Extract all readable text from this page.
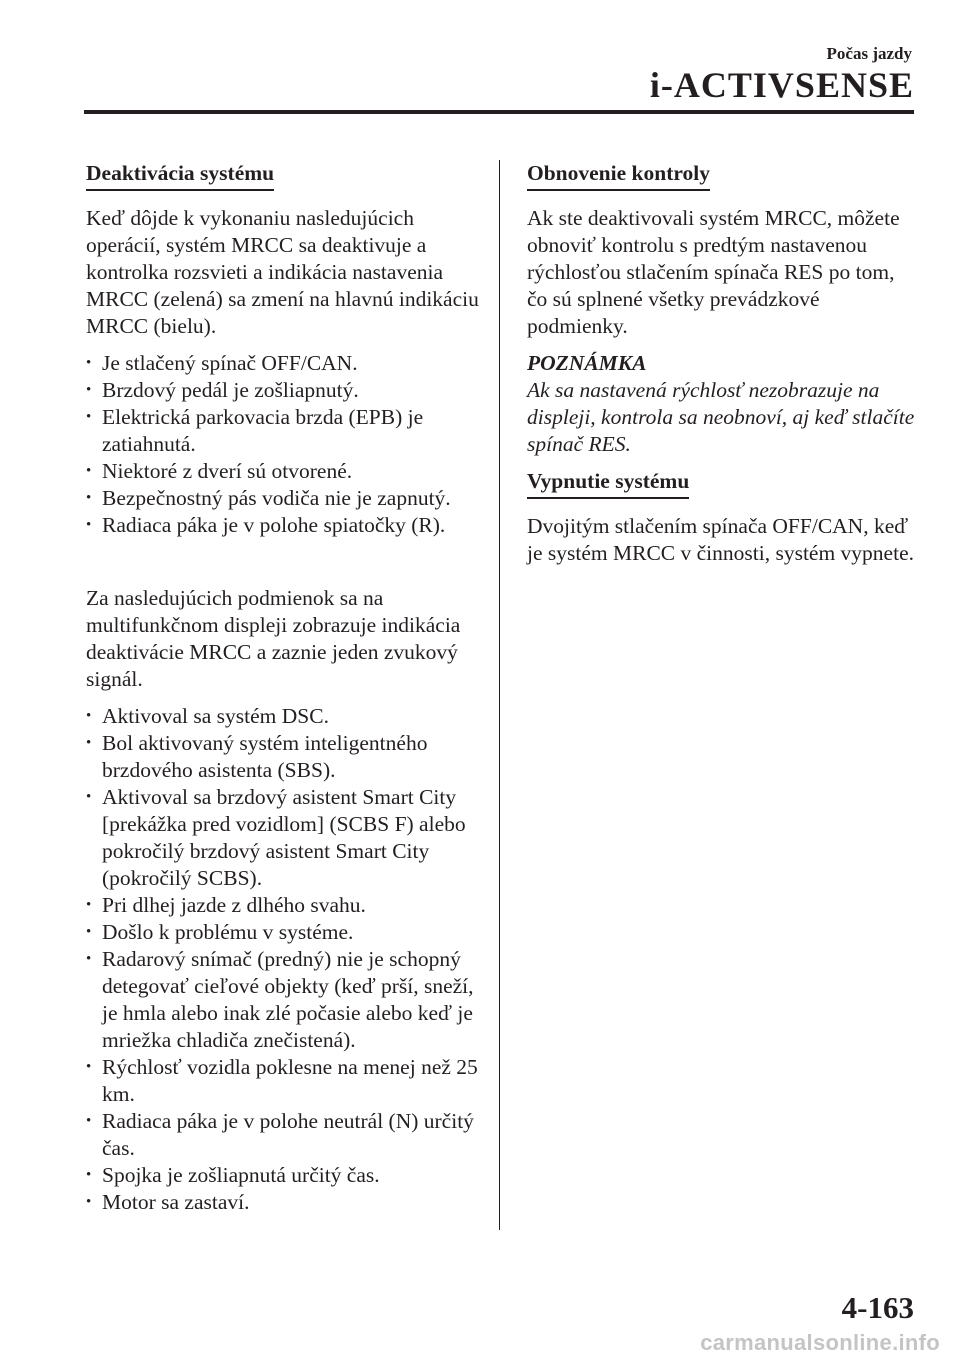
Počas jazdy
i-ACTIVSENSE
Deaktivácia systému

Keď dôjde k vykonaniu nasledujúcich operácií, systém MRCC sa deaktivuje a kontrolka rozsvieti a indikácia nastavenia MRCC (zelená) sa zmení na hlavnú indikáciu MRCC (bielu).

• Je stlačený spínač OFF/CAN.
• Brzdový pedál je zošliapnutý.
• Elektrická parkovacia brzda (EPB) je zatiahnutá.
• Niektoré z dverí sú otvorené.
• Bezpečnostný pás vodiča nie je zapnutý.
• Radiaca páka je v polohe spiatočky (R).

Za nasledujúcich podmienok sa na multifunkčnom displeji zobrazuje indikácia deaktivácie MRCC a zaznie jeden zvukový signál.

• Aktivoval sa systém DSC.
• Bol aktivovaný systém inteligentného brzdového asistenta (SBS).
• Aktivoval sa brzdový asistent Smart City [prekážka pred vozidlom] (SCBS F) alebo pokročilý brzdový asistent Smart City (pokročilý SCBS).
• Pri dlhej jazde z dlhého svahu.
• Došlo k problému v systéme.
• Radarový snímač (predný) nie je schopný detegovať cieľové objekty (keď prší, sneží, je hmla alebo inak zlé počasie alebo keď je mriežka chladiča znečistená).
• Rýchlosť vozidla poklesne na menej než 25 km.
• Radiaca páka je v polohe neutrál (N) určitý čas.
• Spojka je zošliapnutá určitý čas.
• Motor sa zastaví.
Obnovenie kontroly

Ak ste deaktivovali systém MRCC, môžete obnoviť kontrolu s predtým nastavenou rýchlosťou stlačením spínača RES po tom, čo sú splnené všetky prevádzkové podmienky.

POZNÁMKA

Ak sa nastavená rýchlosť nezobrazuje na displeji, kontrola sa neobnoví, aj keď stlačíte spínač RES.

Vypnutie systému

Dvojitým stlačením spínača OFF/CAN, keď je systém MRCC v činnosti, systém vypnete.

4-163
carmanualsonline.info
